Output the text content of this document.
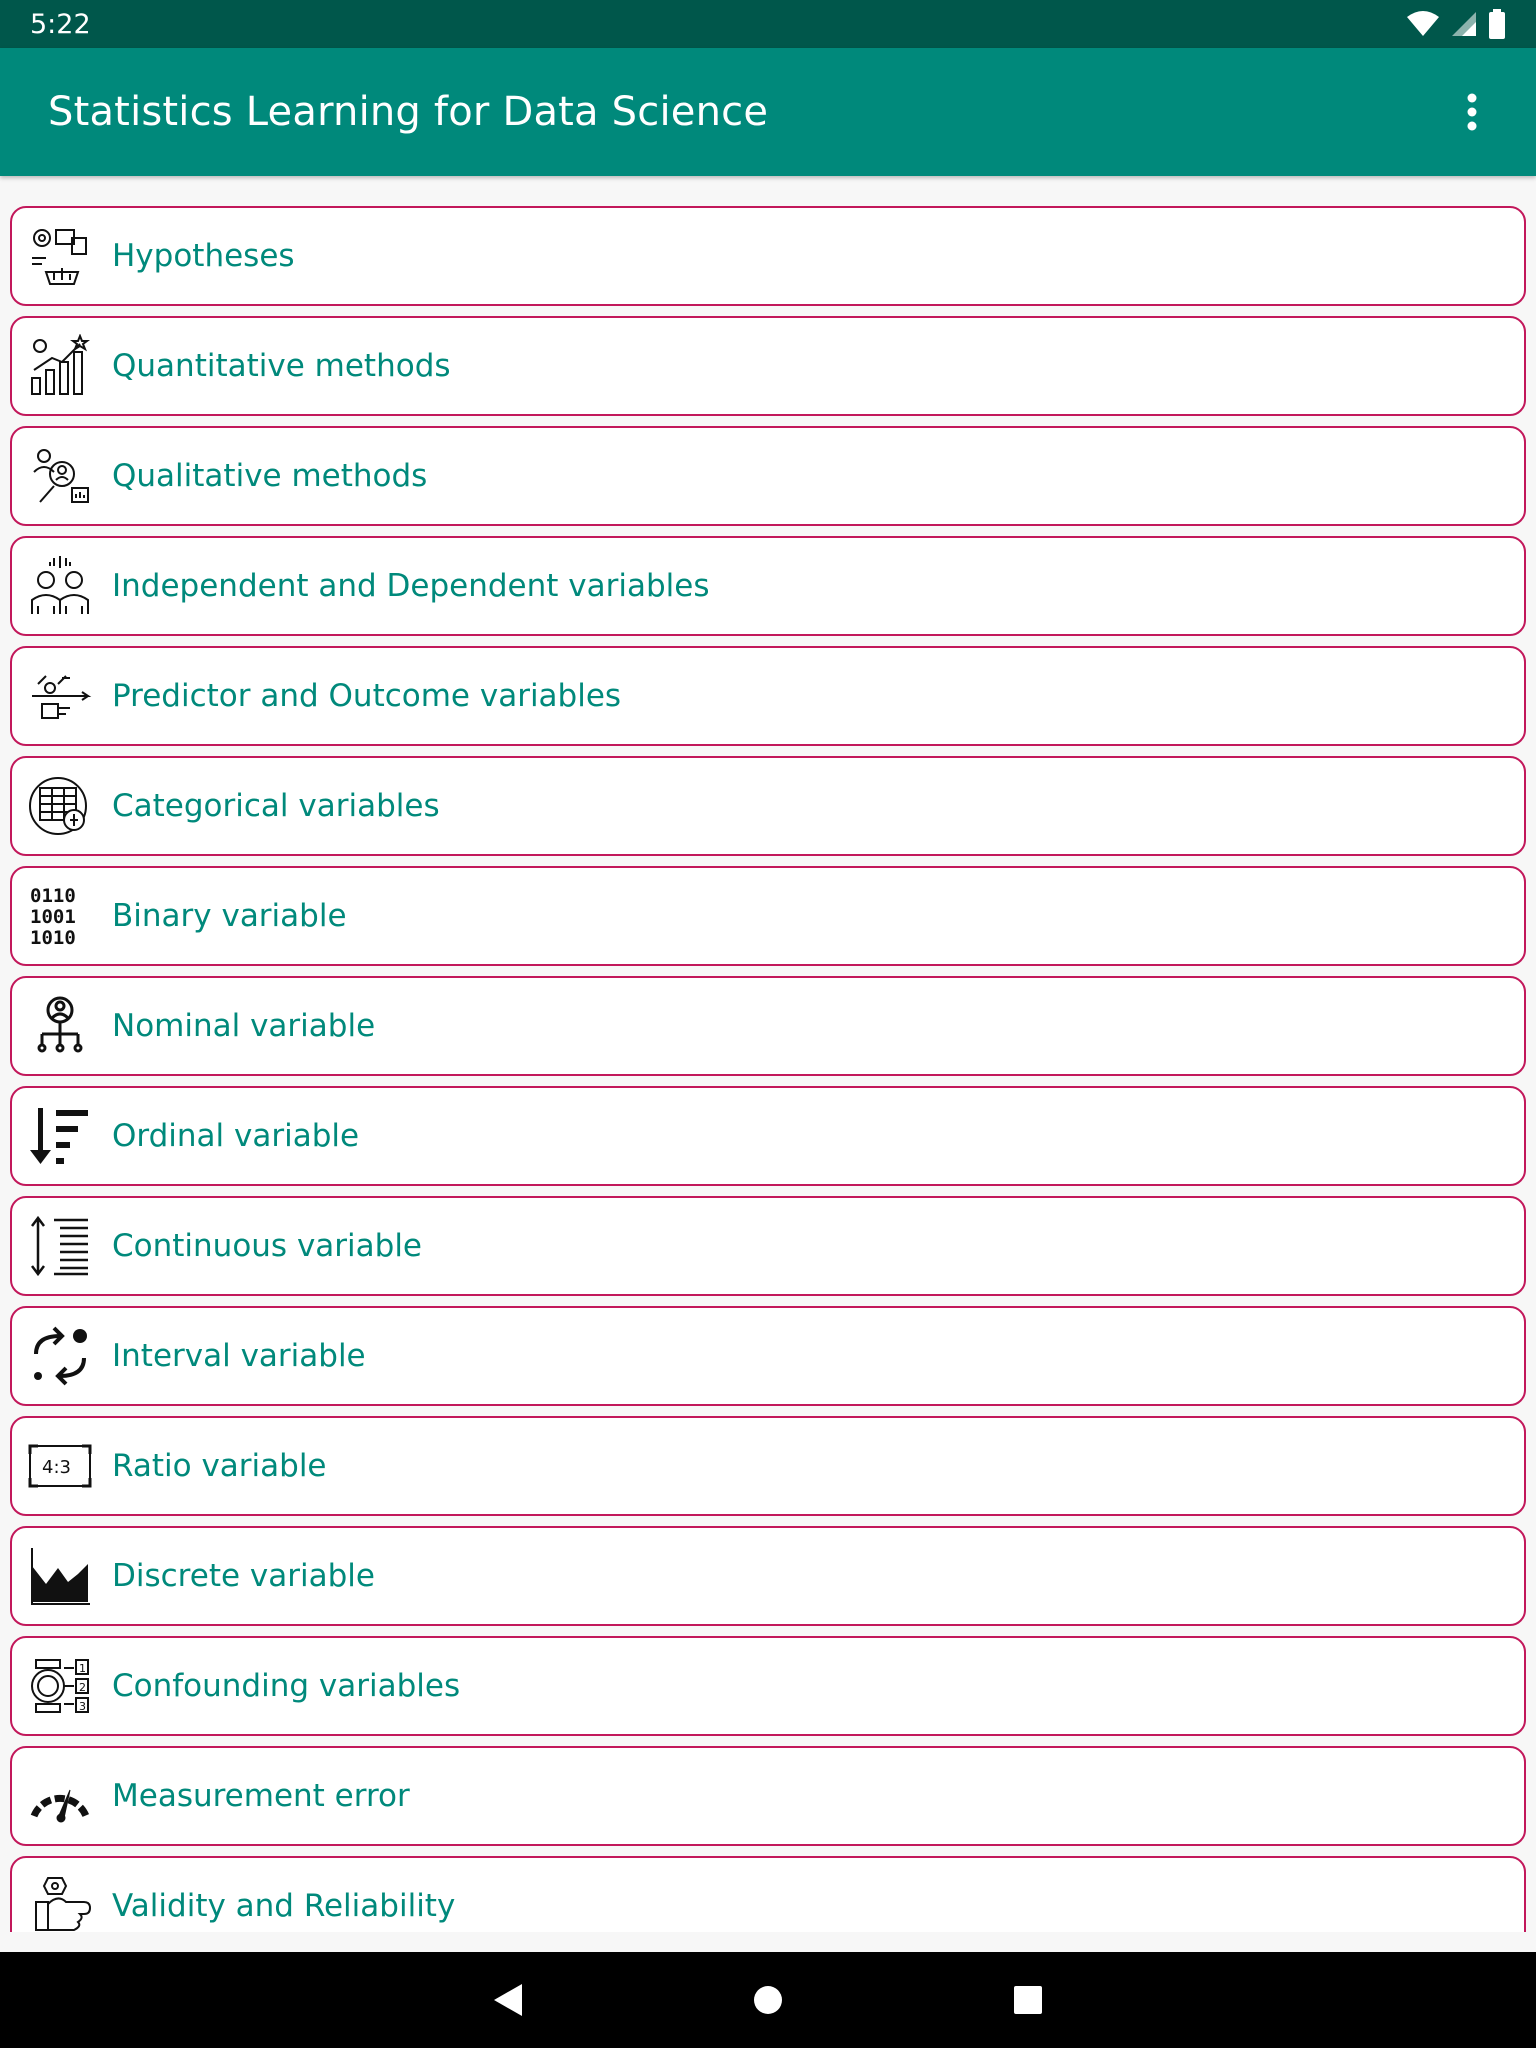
5:22
Statistics Learning for Data Science
Hypotheses
Quantitative methods
Qualitative methods
Independent and Dependent variables
Predictor and Outcome variables
Categorical variables
0110
1001
1010
Binary variable
Nominal variable
Ordinal variable
Continuous variable
Interval variable
4:3 Ratio variable
Discrete variable
1
2
3
Confounding variables
Measurement error
Validity and Reliability
